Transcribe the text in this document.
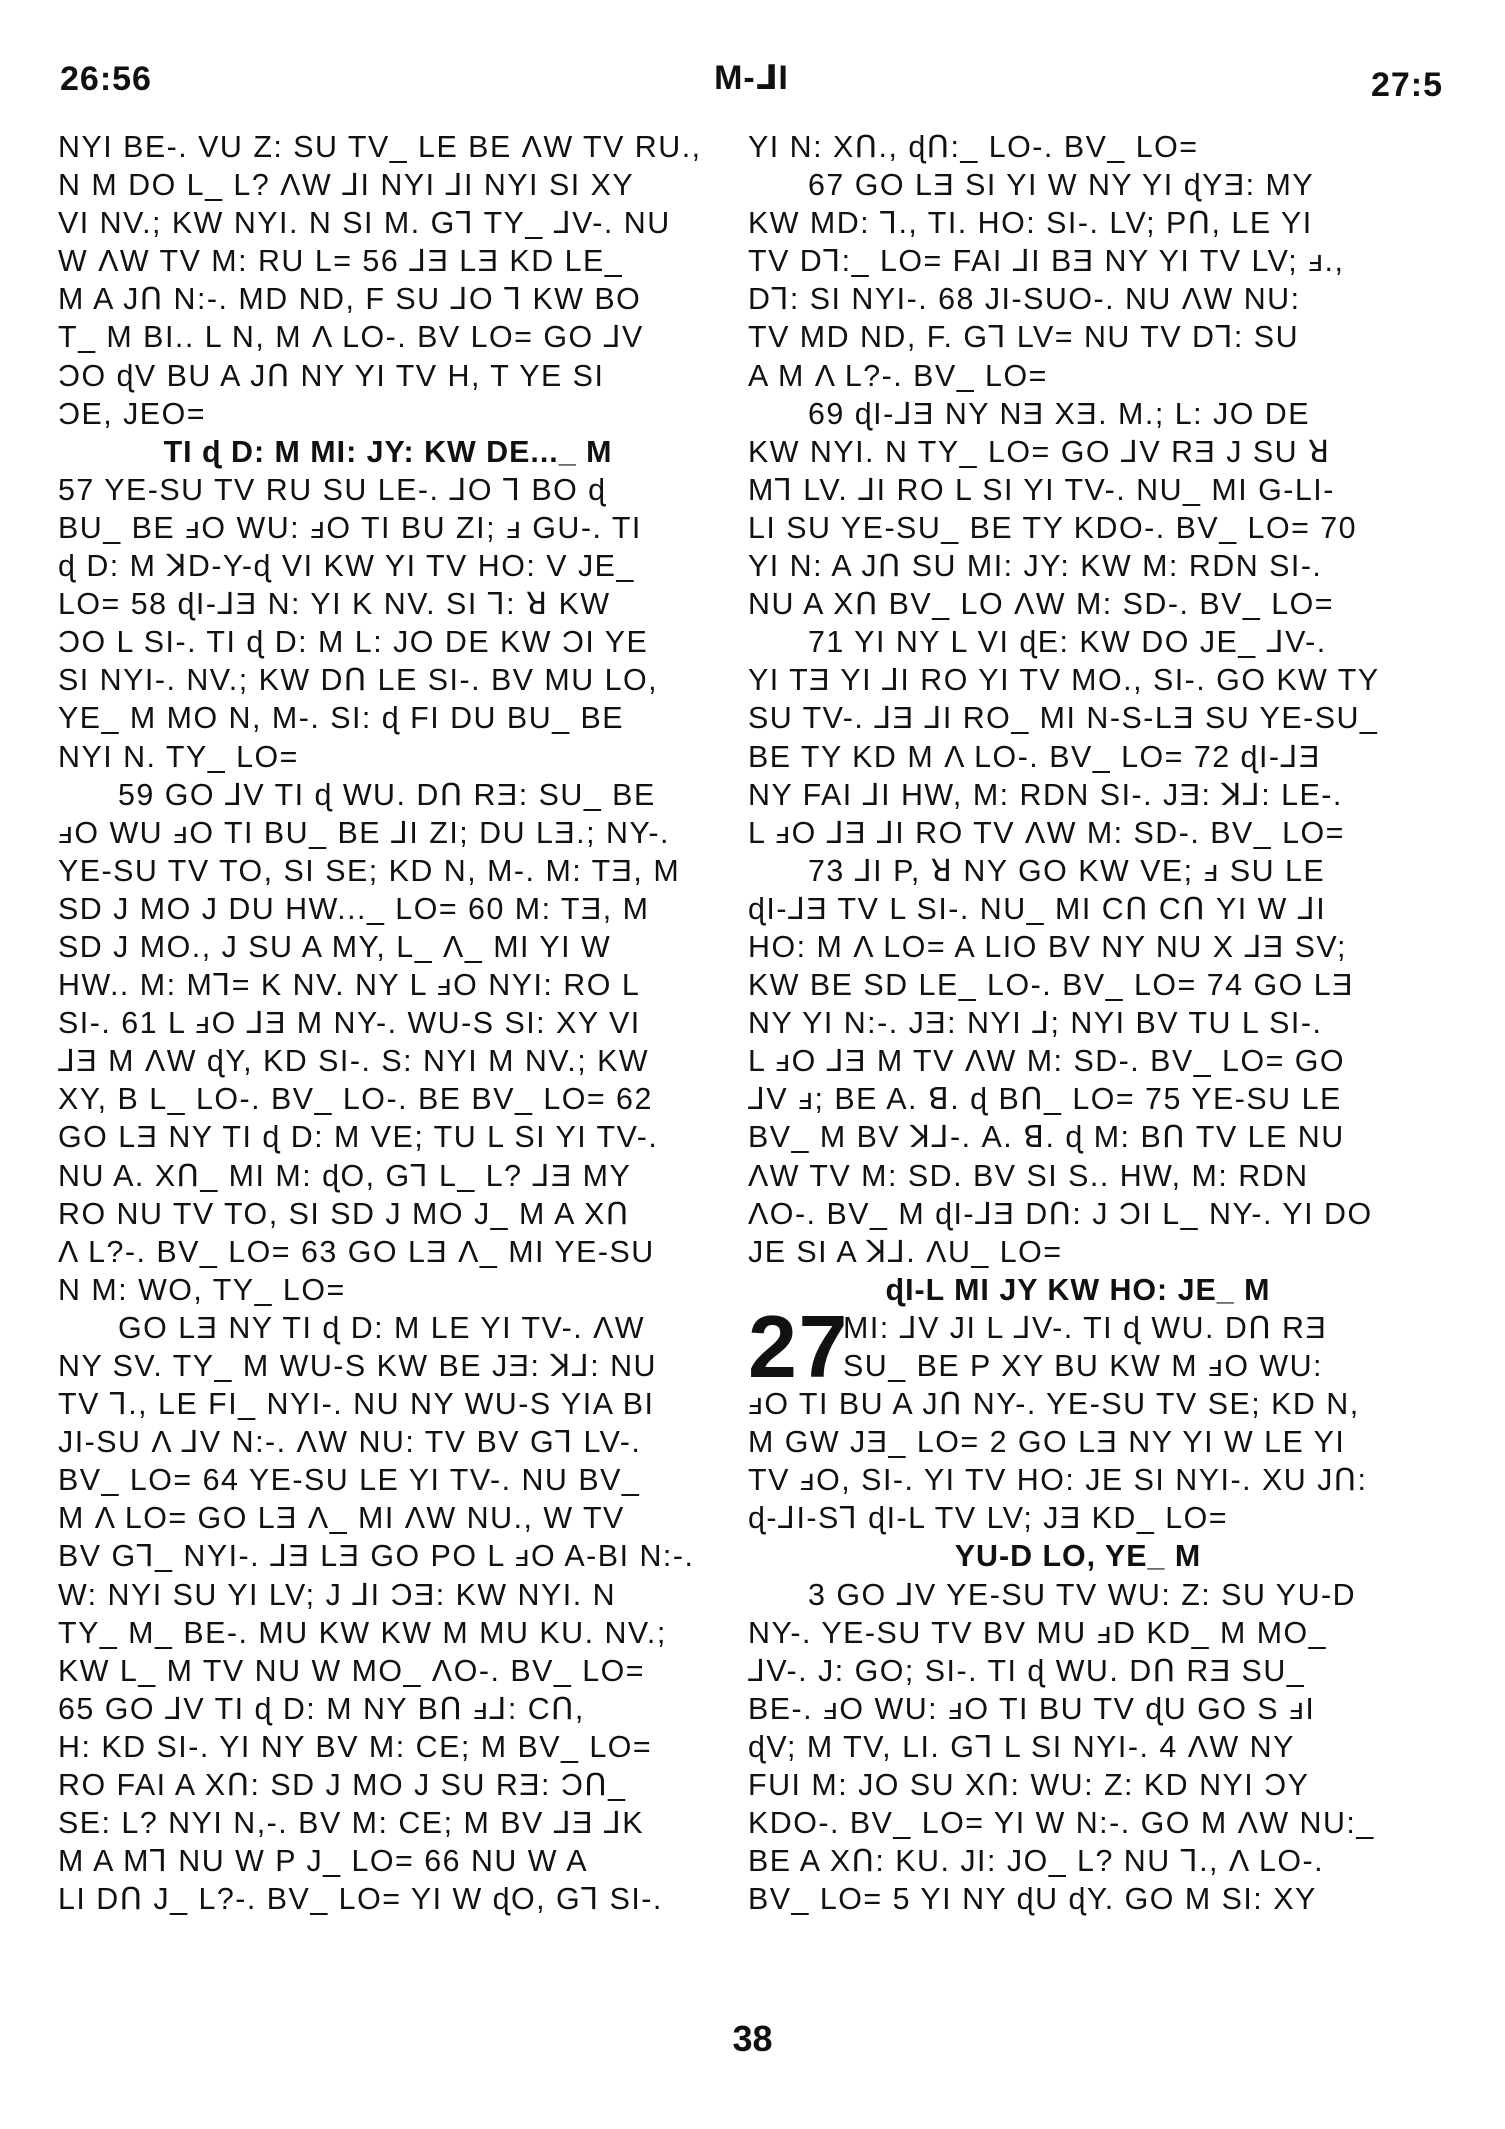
26:56	M-⅃I	27:5
NYI BE-. VU Z: SU TV_ LE BE ΛW TV RU.,
N M DO L_ L? ΛW ⅃I NYI ⅃I NYI SI XY
VI NV.; KW NYI. N SI M. G⅂ TY_ ⅃V-. NU
W ΛW TV M: RU L= 56 ⅃Ǝ LƎ KD LE_
M A JՈ N:-. MD ND, F SU ⅃O ⅂ KW BO
T_ M BI.. L N, M Λ LO-. BV LO= GO ⅃V
ƆO ɖV BU A JՈ NY YI TV H, T YE SI
ƆE, JEO=
TI ɖ D: M MI: JY: KW DE..._ M
57 YE-SU TV RU SU LE-. ⅃O ⅂ BO ɖ
BU_ BE ⅎO WU: ⅎO TI BU ZI; ⅎ GU-. TI
ɖ D: M ꓘD-Y-ɖ VI KW YI TV HO: V JE_
LO= 58 ɖI-⅃Ǝ N: YI K NV. SI ⅂: ꓤ KW
ƆO L SI-. TI ɖ D: M L: JO DE KW ƆI YE
SI NYI-. NV.; KW DՈ LE SI-. BV MU LO,
YE_ M MO N, M-. SI: ɖ FI DU BU_ BE
NYI N. TY_ LO=
59 GO ⅃V TI ɖ WU. DՈ RƎ: SU_ BE
ⅎO WU ⅎO TI BU_ BE ⅃I ZI; DU LƎ.; NY-.
YE-SU TV TO, SI SE; KD N, M-. M: TƎ, M
SD J MO J DU HW..._ LO= 60 M: TƎ, M
SD J MO., J SU A MY, L_ Λ_ MI YI W
HW.. M: M⅂= K NV. NY L ⅎO NYI: RO L
SI-. 61 L ⅎO ⅃Ǝ M NY-. WU-S SI: XY VI
⅃Ǝ M ΛW ɖY, KD SI-. S: NYI M NV.; KW
XY, B L_ LO-. BV_ LO-. BE BV_ LO= 62
GO LƎ NY TI ɖ D: M VE; TU L SI YI TV-.
NU A. XՈ_ MI M: ɖO, G⅂ L_ L? ⅃Ǝ MY
RO NU TV TO, SI SD J MO J_ M A XՈ
Λ L?-. BV_ LO= 63 GO LƎ Λ_ MI YE-SU
N M: WO, TY_ LO=
GO LƎ NY TI ɖ D: M LE YI TV-. ΛW
NY SV. TY_ M WU-S KW BE JƎ: ꓘ⅃: NU
TV ⅂., LE FI_ NYI-. NU NY WU-S YIA BI
JI-SU Λ ⅃V N:-. ΛW NU: TV BV G⅂ LV-.
BV_ LO= 64 YE-SU LE YI TV-. NU BV_
M Λ LO= GO LƎ Λ_ MI ΛW NU., W TV
BV G⅂_ NYI-. ⅃Ǝ LƎ GO PO L ⅎO A-BI N:-.
W: NYI SU YI LV; J ⅃I ƆƎ: KW NYI. N
TY_ M_ BE-. MU KW KW M MU KU. NV.;
KW L_ M TV NU W MO_ ΛO-. BV_ LO=
65 GO ⅃V TI ɖ D: M NY BՈ ⅎ⅃: CՈ,
H: KD SI-. YI NY BV M: CE; M BV_ LO=
RO FAI A XՈ: SD J MO J SU RƎ: ƆՈ_
SE: L? NYI N,-. BV M: CE; M BV ⅃Ǝ ⅃K
M A M⅂ NU W P J_ LO= 66 NU W A
LI DՈ J_ L?-. BV_ LO= YI W ɖO, G⅂ SI-.
YI N: XՈ., ɖՈ:_ LO-. BV_ LO=
67 GO LƎ SI YI W NY YI ɖYƎ: MY
KW MD: ⅂., TI. HO: SI-. LV; PՈ, LE YI
TV D⅂:_ LO= FAI ⅃I BƎ NY YI TV LV; ⅎ.,
D⅂: SI NYI-. 68 JI-SUO-. NU ΛW NU:
TV MD ND, F. G⅂ LV= NU TV D⅂: SU
A M Λ L?-. BV_ LO=
69 ɖI-⅃Ǝ NY NƎ XƎ. M.; L: JO DE
KW NYI. N TY_ LO= GO ⅃V RƎ J SU ꓤ
M⅂ LV. ⅃I RO L SI YI TV-. NU_ MI G-LI-
LI SU YE-SU_ BE TY KDO-. BV_ LO= 70
YI N: A JՈ SU MI: JY: KW M: RDN SI-.
NU A XՈ BV_ LO ΛW M: SD-. BV_ LO=
71 YI NY L VI ɖE: KW DO JE_ ⅃V-.
YI TƎ YI ⅃I RO YI TV MO., SI-. GO KW TY
SU TV-. ⅃Ǝ ⅃I RO_ MI N-S-LƎ SU YE-SU_
BE TY KD M Λ LO-. BV_ LO= 72 ɖI-⅃Ǝ
NY FAI ⅃I HW, M: RDN SI-. JƎ: ꓘ⅃: LE-.
L ⅎO ⅃Ǝ ⅃I RO TV ΛW M: SD-. BV_ LO=
73 ⅃I P, ꓤ NY GO KW VE; ⅎ SU LE
ɖI-⅃Ǝ TV L SI-. NU_ MI CՈ CՈ YI W ⅃I
HO: M Λ LO= A LIO BV NY NU X ⅃Ǝ SV;
KW BE SD LE_ LO-. BV_ LO= 74 GO LƎ
NY YI N:-. JƎ: NYI ⅃; NYI BV TU L SI-.
L ⅎO ⅃Ǝ M TV ΛW M: SD-. BV_ LO= GO
⅃V ⅎ; BE A. ꓭ. ɖ BՈ_ LO= 75 YE-SU LE
BV_ M BV ꓘ⅃-. A. ꓭ. ɖ M: BՈ TV LE NU
ΛW TV M: SD. BV SI S.. HW, M: RDN
ΛO-. BV_ M ɖI-⅃Ǝ DՈ: J ƆI L_ NY-. YI DO
JE SI A ꓘ⅃. ΛU_ LO=
ɖI-L MI JY KW HO: JE_ M
27
MI: ⅃V JI L ⅃V-. TI ɖ WU. DՈ RƎ
SU_ BE P XY BU KW M ⅎO WU:
ⅎO TI BU A JՈ NY-. YE-SU TV SE; KD N,
M GW JƎ_ LO= 2 GO LƎ NY YI W LE YI
TV ⅎO, SI-. YI TV HO: JE SI NYI-. XU JՈ:
ɖ-⅃I-S⅂ ɖI-L TV LV; JƎ KD_ LO=
YU-D LO, YE_ M
3 GO ⅃V YE-SU TV WU: Z: SU YU-D
NY-. YE-SU TV BV MU ⅎD KD_ M MO_
⅃V-. J: GO; SI-. TI ɖ WU. DՈ RƎ SU_
BE-. ⅎO WU: ⅎO TI BU TV ɖU GO S ⅎI
ɖV; M TV, LI. G⅂ L SI NYI-. 4 ΛW NY
FUI M: JO SU XՈ: WU: Z: KD NYI ƆY
KDO-. BV_ LO= YI W N:-. GO M ΛW NU:_
BE A XՈ: KU. JI: JO_ L? NU ⅂., Λ LO-.
BV_ LO= 5 YI NY ɖU ɖY. GO M SI: XY
38
